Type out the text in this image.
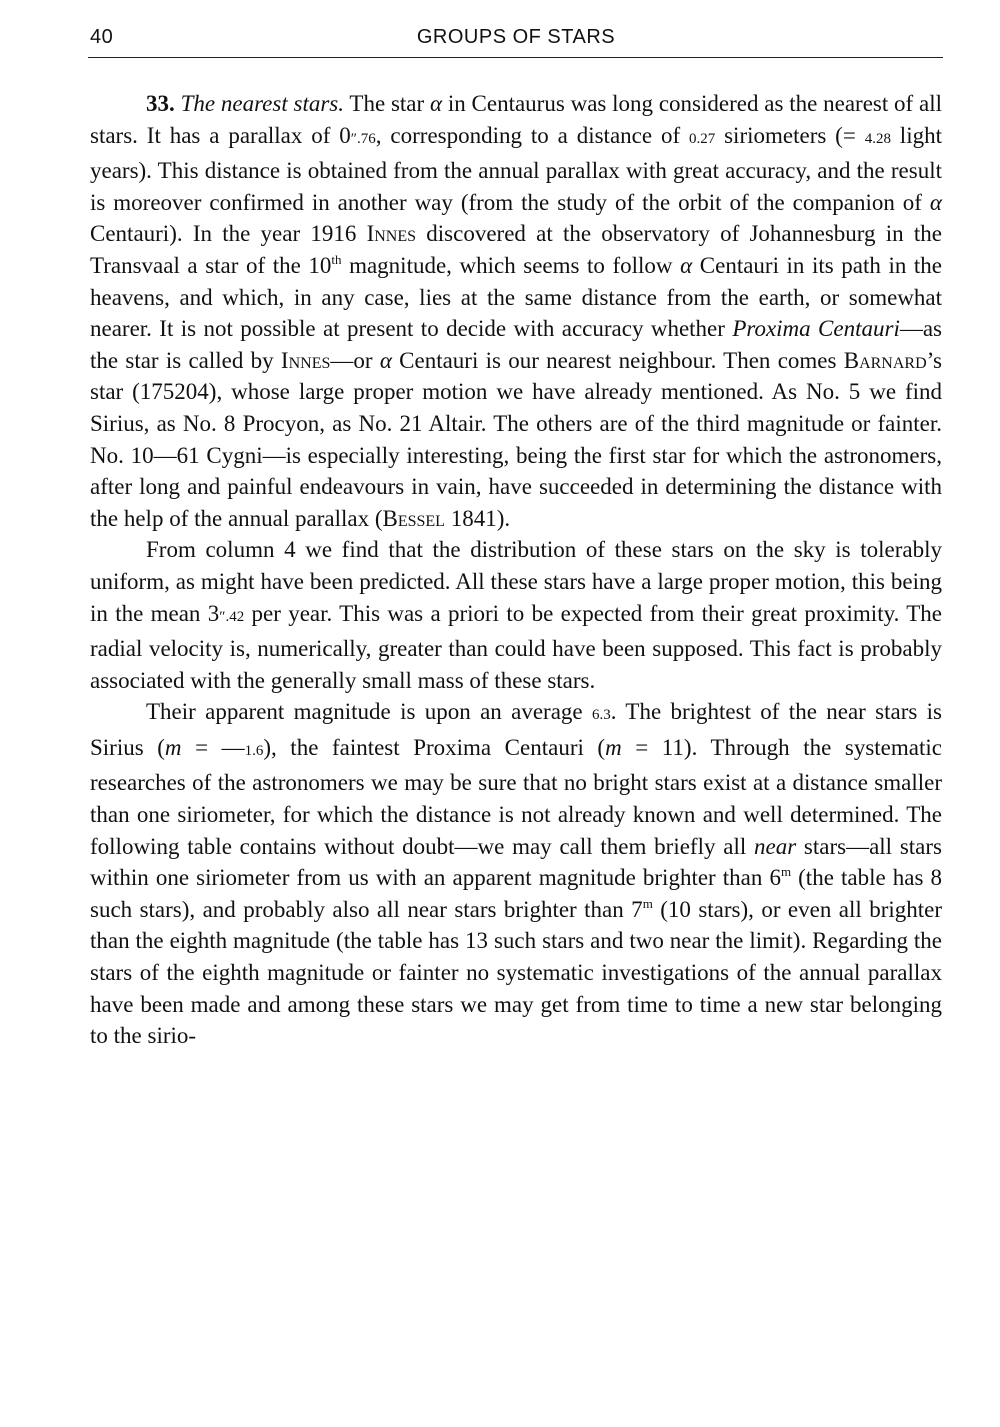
40	GROUPS OF STARS

33. The nearest stars. The star α in Centaurus was long considered as the nearest of all stars. It has a parallax of 0″.76, corresponding to a distance of 0.27 siriometers (= 4.28 light years). This distance is obtained from the annual parallax with great accuracy, and the result is moreover confirmed in another way (from the study of the orbit of the companion of α Centauri). In the year 1916 Innes discovered at the observatory of Johannesburg in the Transvaal a star of the 10th magnitude, which seems to follow α Centauri in its path in the heavens, and which, in any case, lies at the same distance from the earth, or somewhat nearer. It is not possible at present to decide with accuracy whether Proxima Centauri—as the star is called by Innes—or α Centauri is our nearest neighbour. Then comes Barnard’s star (175204), whose large proper motion we have already mentioned. As No. 5 we find Sirius, as No. 8 Procyon, as No. 21 Altair. The others are of the third magnitude or fainter. No. 10—61 Cygni—is especially interesting, being the first star for which the astronomers, after long and painful endeavours in vain, have succeeded in determining the distance with the help of the annual parallax (Bessel 1841).

From column 4 we find that the distribution of these stars on the sky is tolerably uniform, as might have been predicted. All these stars have a large proper motion, this being in the mean 3″.42 per year. This was a priori to be expected from their great proximity. The radial velocity is, numerically, greater than could have been supposed. This fact is probably associated with the generally small mass of these stars.

Their apparent magnitude is upon an average 6.3. The brightest of the near stars is Sirius (m = —1.6), the faintest Proxima Centauri (m = 11). Through the systematic researches of the astronomers we may be sure that no bright stars exist at a distance smaller than one siriometer, for which the distance is not already known and well determined. The following table contains without doubt—we may call them briefly all near stars—all stars within one siriometer from us with an apparent magnitude brighter than 6$^m$ (the table has 8 such stars), and probably also all near stars brighter than 7$^m$ (10 stars), or even all brighter than the eighth magnitude (the table has 13 such stars and two near the limit). Regarding the stars of the eighth magnitude or fainter no systematic investigations of the annual parallax have been made and among these stars we may get from time to time a new star belonging to the sirio-
